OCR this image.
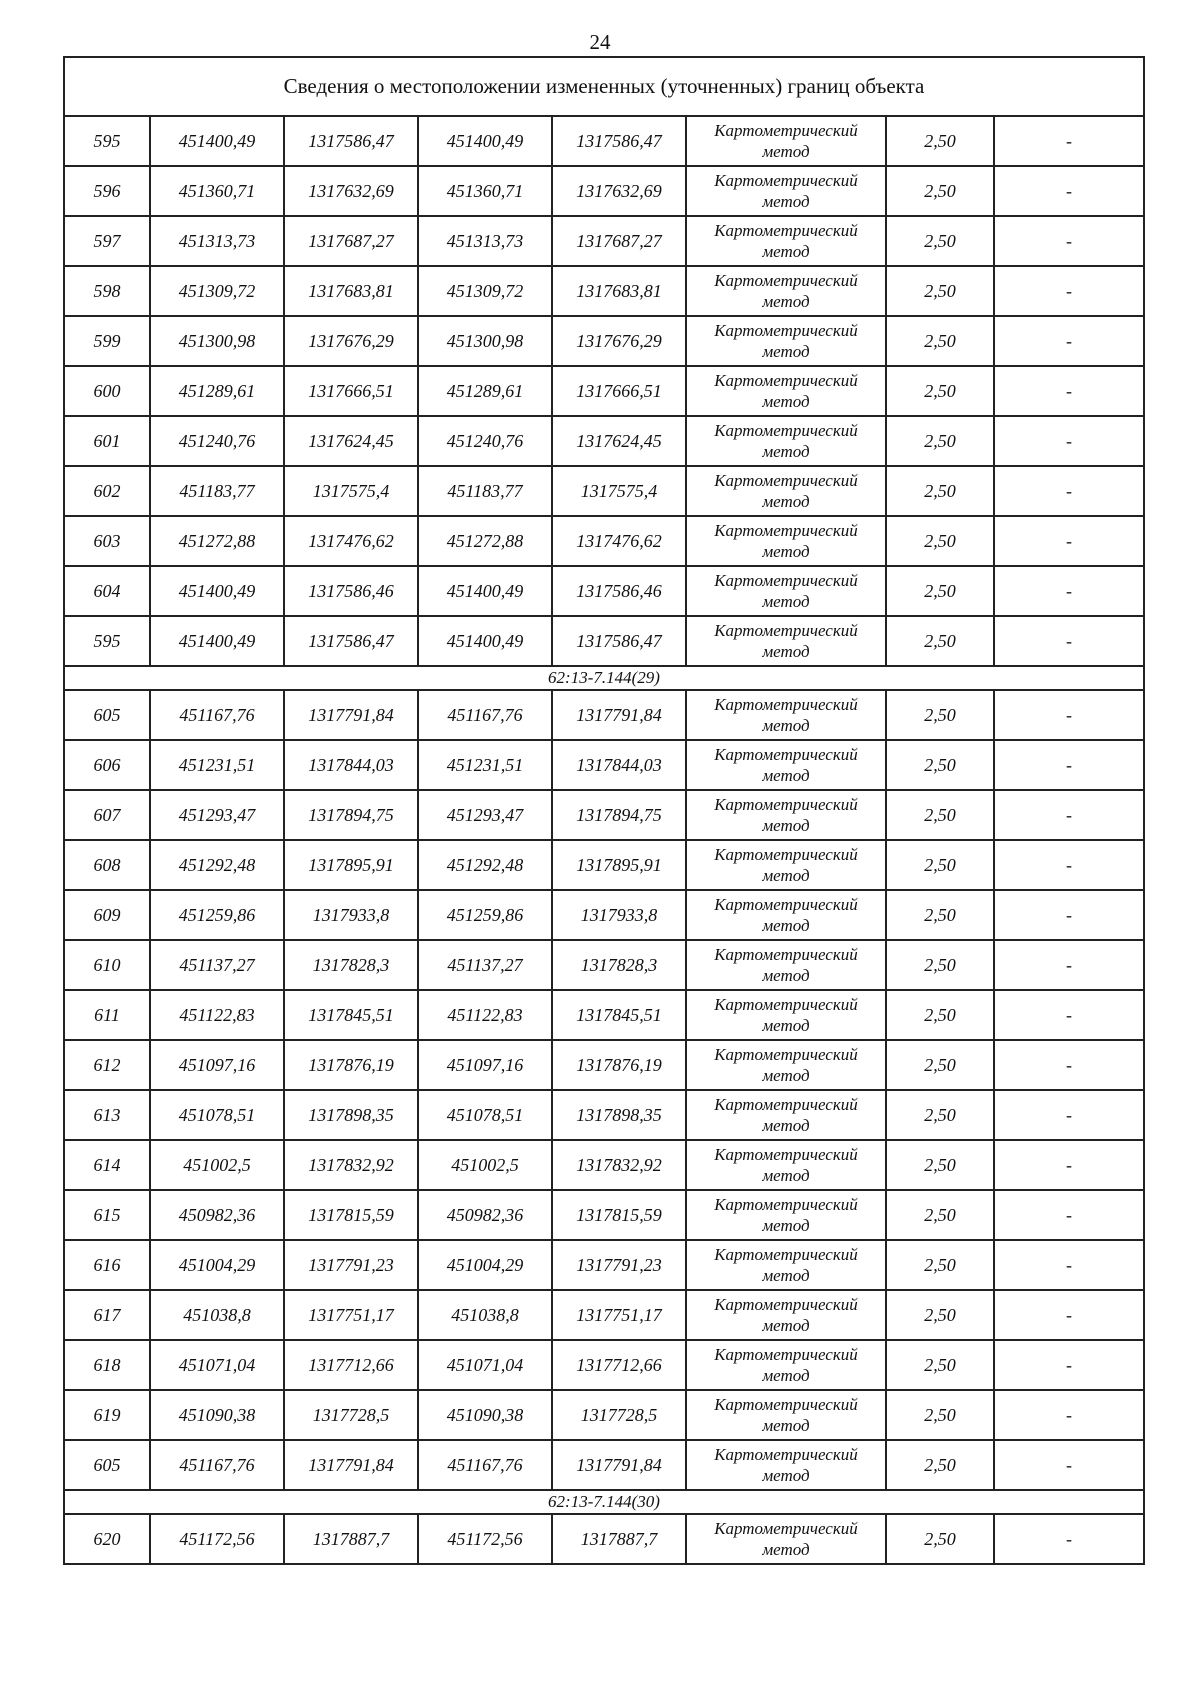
24
Сведения о местоположении измененных (уточненных) границ объекта							
595	451400,49	1317586,47	451400,49	1317586,47	Картометрический
метод	2,50	-
596	451360,71	1317632,69	451360,71	1317632,69	Картометрический
метод	2,50	-
597	451313,73	1317687,27	451313,73	1317687,27	Картометрический
метод	2,50	-
598	451309,72	1317683,81	451309,72	1317683,81	Картометрический
метод	2,50	-
599	451300,98	1317676,29	451300,98	1317676,29	Картометрический
метод	2,50	-
600	451289,61	1317666,51	451289,61	1317666,51	Картометрический
метод	2,50	-
601	451240,76	1317624,45	451240,76	1317624,45	Картометрический
метод	2,50	-
602	451183,77	1317575,4	451183,77	1317575,4	Картометрический
метод	2,50	-
603	451272,88	1317476,62	451272,88	1317476,62	Картометрический
метод	2,50	-
604	451400,49	1317586,46	451400,49	1317586,46	Картометрический
метод	2,50	-
595	451400,49	1317586,47	451400,49	1317586,47	Картометрический
метод	2,50	-
62:13-7.144(29)							
605	451167,76	1317791,84	451167,76	1317791,84	Картометрический
метод	2,50	-
606	451231,51	1317844,03	451231,51	1317844,03	Картометрический
метод	2,50	-
607	451293,47	1317894,75	451293,47	1317894,75	Картометрический
метод	2,50	-
608	451292,48	1317895,91	451292,48	1317895,91	Картометрический
метод	2,50	-
609	451259,86	1317933,8	451259,86	1317933,8	Картометрический
метод	2,50	-
610	451137,27	1317828,3	451137,27	1317828,3	Картометрический
метод	2,50	-
611	451122,83	1317845,51	451122,83	1317845,51	Картометрический
метод	2,50	-
612	451097,16	1317876,19	451097,16	1317876,19	Картометрический
метод	2,50	-
613	451078,51	1317898,35	451078,51	1317898,35	Картометрический
метод	2,50	-
614	451002,5	1317832,92	451002,5	1317832,92	Картометрический
метод	2,50	-
615	450982,36	1317815,59	450982,36	1317815,59	Картометрический
метод	2,50	-
616	451004,29	1317791,23	451004,29	1317791,23	Картометрический
метод	2,50	-
617	451038,8	1317751,17	451038,8	1317751,17	Картометрический
метод	2,50	-
618	451071,04	1317712,66	451071,04	1317712,66	Картометрический
метод	2,50	-
619	451090,38	1317728,5	451090,38	1317728,5	Картометрический
метод	2,50	-
605	451167,76	1317791,84	451167,76	1317791,84	Картометрический
метод	2,50	-
62:13-7.144(30)							
620	451172,56	1317887,7	451172,56	1317887,7	Картометрический
метод	2,50	-
